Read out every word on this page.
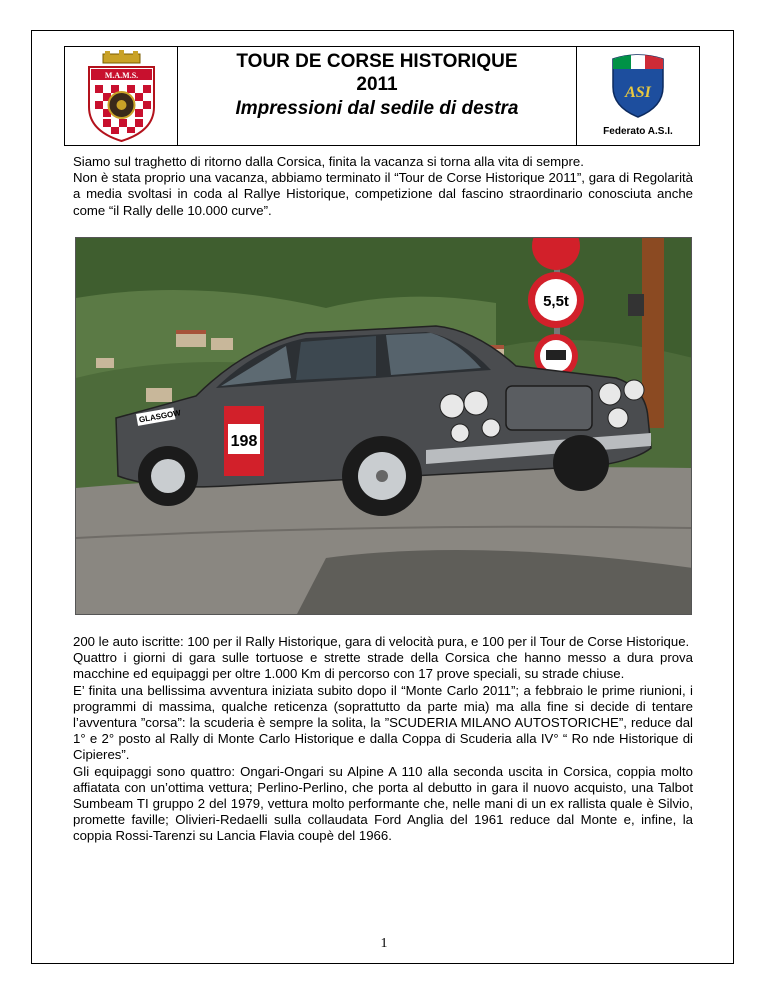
M.A.M.S.
TOUR DE CORSE HISTORIQUE
2011
Impressioni dal sedile di destra
ASI
Federato A.S.I.

Siamo sul traghetto di ritorno dalla Corsica, finita la vacanza si torna alla vita di sempre.

Non è stata proprio una vacanza, abbiamo terminato il “Tour de Corse Historique 2011”, gara di Regolarità a media svoltasi in coda al Rallye Historique, competizione dal fascino straordinario conosciuta anche come “il Rally delle 10.000 curve”.

5,5t
GLASGOW
198

200 le auto iscritte: 100 per il Rally Historique, gara di velocità pura, e 100 per il Tour de Corse Historique.

Quattro i giorni di gara sulle tortuose e strette strade della Corsica che hanno messo a dura prova macchine ed equipaggi per oltre 1.000 Km di percorso con 17 prove speciali, su strade chiuse.

E’ finita una bellissima avventura iniziata subito dopo il “Monte Carlo 2011”; a febbraio le prime riunioni, i programmi di massima, qualche reticenza (soprattutto da parte mia) ma alla fine si decide di tentare l’avventura ”corsa”: la scuderia è sempre la solita, la ”SCUDERIA MILANO AUTOSTORICHE”, reduce dal 1° e 2° posto al Rally di Monte Carlo Historique e dalla Coppa di Scuderia alla IV° “ Ro nde Historique di Cipieres”.

Gli equipaggi sono quattro: Ongari-Ongari su Alpine A 110 alla seconda uscita in Corsica, coppia molto affiatata con un’ottima vettura; Perlino-Perlino, che porta al debutto in gara il nuovo acquisto, una Talbot Sumbeam TI gruppo 2 del 1979, vettura molto performante che, nelle mani di un ex rallista quale è Silvio, promette faville; Olivieri-Redaelli sulla collaudata Ford Anglia del 1961 reduce dal Monte e, infine, la coppia Rossi-Tarenzi su Lancia Flavia coupè del 1966.

1
